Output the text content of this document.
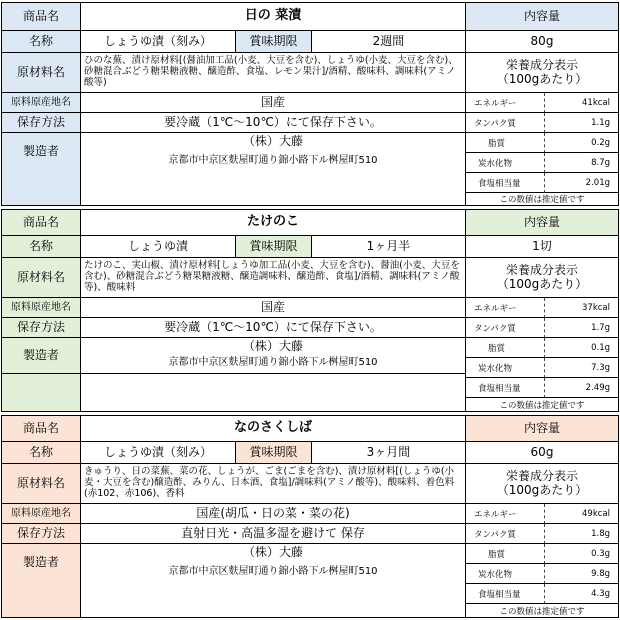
商品名	日の 菜漬	内容量
名称	しょうゆ漬（刻み）	賞味期限	2週間	80g
原材料名
ひのな蕪、漬け原材料[(醤油加工品(小麦、大豆を含む)、しょうゆ(小麦、大豆を含む)、砂糖混合ぶどう糖果糖液糖、醸造酢、食塩、レモン果汁]/酒精、酸味料、調味料(アミノ酸等)
栄養成分表示
（100gあたり）
原料原産地名	国産
保存方法	要冷蔵（1℃～10℃）にて保存下さい。
製造者
（株）大藤
京都市中京区麩屋町通り錦小路下ル桝屋町510
エネルギー	41kcal
タンパク質	1.1g
脂質	0.2g
炭水化物	8.7g
食塩相当量	2.01g
この数値は推定値です
商品名	たけのこ	内容量
名称	しょうゆ漬	賞味期限	1ヶ月半	1切
原材料名
たけのこ、実山椒、漬け原材料[しょうゆ加工品(小麦、大豆を含む)、醤油(小麦、大豆を含む)、砂糖混合ぶどう糖果糖液糖、醸造調味料、醸造酢、食塩]/酒精、調味料(アミノ酸等)、酸味料
栄養成分表示
（100gあたり）
原料原産地名	国産
保存方法	要冷蔵（1℃～10℃）にて保存下さい。
製造者
（株）大藤
京都市中京区麩屋町通り錦小路下ル桝屋町510
エネルギー	37kcal
タンパク質	1.7g
脂質	0.1g
炭水化物	7.3g
食塩相当量	2.49g
この数値は推定値です
商品名	なのさくしば	内容量
名称	しょうゆ漬（刻み）	賞味期限	3ヶ月間	60g
原材料名
きゅうり、日の菜蕪、菜の花、しょうが、ごま(ごまを含む)、漬け原材料[(しょうゆ(小麦・大豆を含む)醸造酢、みりん、日本酒、食塩]/調味料(アミノ酸等)、酸味料、着色料(赤102、赤106)、香料
栄養成分表示
（100gあたり）
原料原産地名	国産(胡瓜・日の菜・菜の花)
保存方法	直射日光・高温多湿を避けて 保存
製造者
（株）大藤
京都市中京区麩屋町通り錦小路下ル桝屋町510
エネルギー	49kcal
タンパク質	1.8g
脂質	0.3g
炭水化物	9.8g
食塩相当量	4.3g
この数値は推定値です
